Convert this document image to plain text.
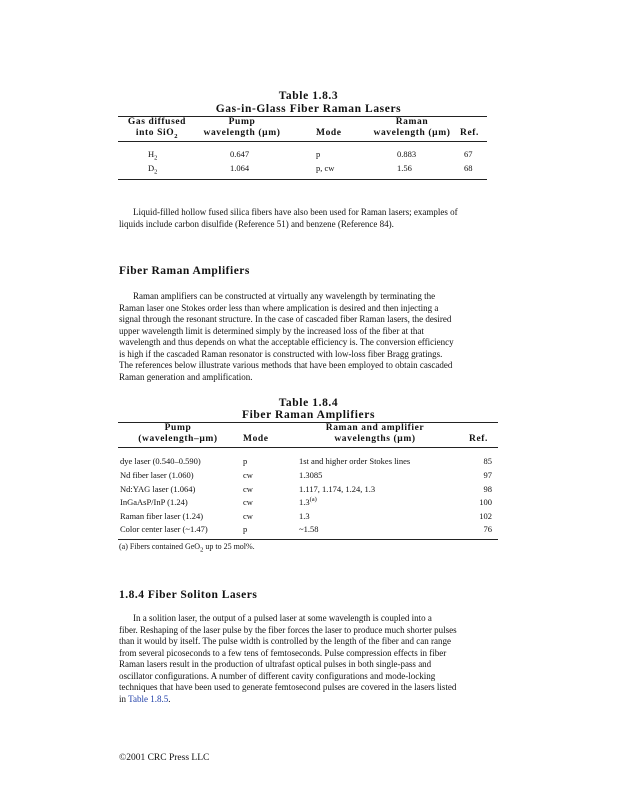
Table 1.8.3
Gas-in-Glass Fiber Raman Lasers
Gas diffused
into SiO$_2$
Pump
wavelength (µm)	Mode
Raman
wavelength (µm)	Ref.
$H_2$	0.647	p	0.883	67
$D_2$	1.064	p, cw	1.56	68
Liquid-filled hollow fused silica fibers have also been used for Raman lasers; examples of
liquids include carbon disulfide (Reference 51) and benzene (Reference 84).
Fiber Raman Amplifiers
Raman amplifiers can be constructed at virtually any wavelength by terminating the
Raman laser one Stokes order less than where amplication is desired and then injecting a
signal through the resonant structure. In the case of cascaded fiber Raman lasers, the desired
upper wavelength limit is determined simply by the increased loss of the fiber at that
wavelength and thus depends on what the acceptable efficiency is. The conversion efficiency
is high if the cascaded Raman resonator is constructed with low-loss fiber Bragg gratings.
The references below illustrate various methods that have been employed to obtain cascaded
Raman generation and amplification.
Table 1.8.4
Fiber Raman Amplifiers
Pump
(wavelength–µm)	Mode
Raman and amplifier
wavelengths (µm)	Ref.
dye laser (0.540–0.590)	p	1st and higher order Stokes lines	85
Nd fiber laser (1.060)	cw	1.3085	97
Nd:YAG laser (1.064)	cw	1.117, 1.174, 1.24, 1.3	98
InGaAsP/InP (1.24)	cw	1.3$^{(a)}$	100
Raman fiber laser (1.24)	cw	1.3	102
Color center laser (~1.47)	p	~1.58	76
(a) Fibers contained GeO$_2$ up to 25 mol%.
1.8.4 Fiber Soliton Lasers
In a solition laser, the output of a pulsed laser at some wavelength is coupled into a
fiber. Reshaping of the laser pulse by the fiber forces the laser to produce much shorter pulses
than it would by itself. The pulse width is controlled by the length of the fiber and can range
from several picoseconds to a few tens of femtoseconds. Pulse compression effects in fiber
Raman lasers result in the production of ultrafast optical pulses in both single-pass and
oscillator configurations. A number of different cavity configurations and mode-locking
techniques that have been used to generate femtosecond pulses are covered in the lasers listed
in Table 1.8.5.
©2001 CRC Press LLC
